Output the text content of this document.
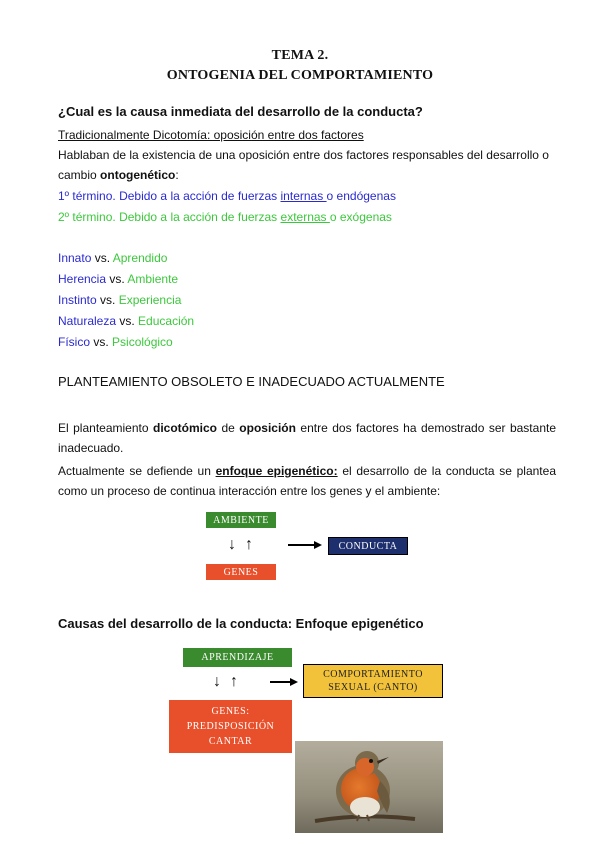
TEMA 2.
ONTOGENIA DEL COMPORTAMIENTO
¿Cual es la causa inmediata del desarrollo de la conducta?
Tradicionalmente Dicotomía: oposición entre dos factores
Hablaban de la existencia de una oposición entre dos factores responsables del desarrollo o
cambio ontogenético:
1º término. Debido a la acción de fuerzas internas o endógenas
2º término. Debido a la acción de fuerzas externas o exógenas
Innato vs. Aprendido
Herencia vs. Ambiente
Instinto vs. Experiencia
Naturaleza vs. Educación
Físico vs. Psicológico
PLANTEAMIENTO OBSOLETO E INADECUADO ACTUALMENTE
El planteamiento dicotómico de oposición entre dos factores ha demostrado ser bastante inadecuado.
Actualmente se defiende un enfoque epigenético: el desarrollo de la conducta se plantea como un proceso de continua interacción entre los genes y el ambiente:
AMBIENTE
↓ ↑
GENES
CONDUCTA
Causas del desarrollo de la conducta: Enfoque epigenético
APRENDIZAJE
↓ ↑	COMPORTAMIENTO
SEXUAL (CANTO)
GENES:
PREDISPOSICIÓN
CANTAR
